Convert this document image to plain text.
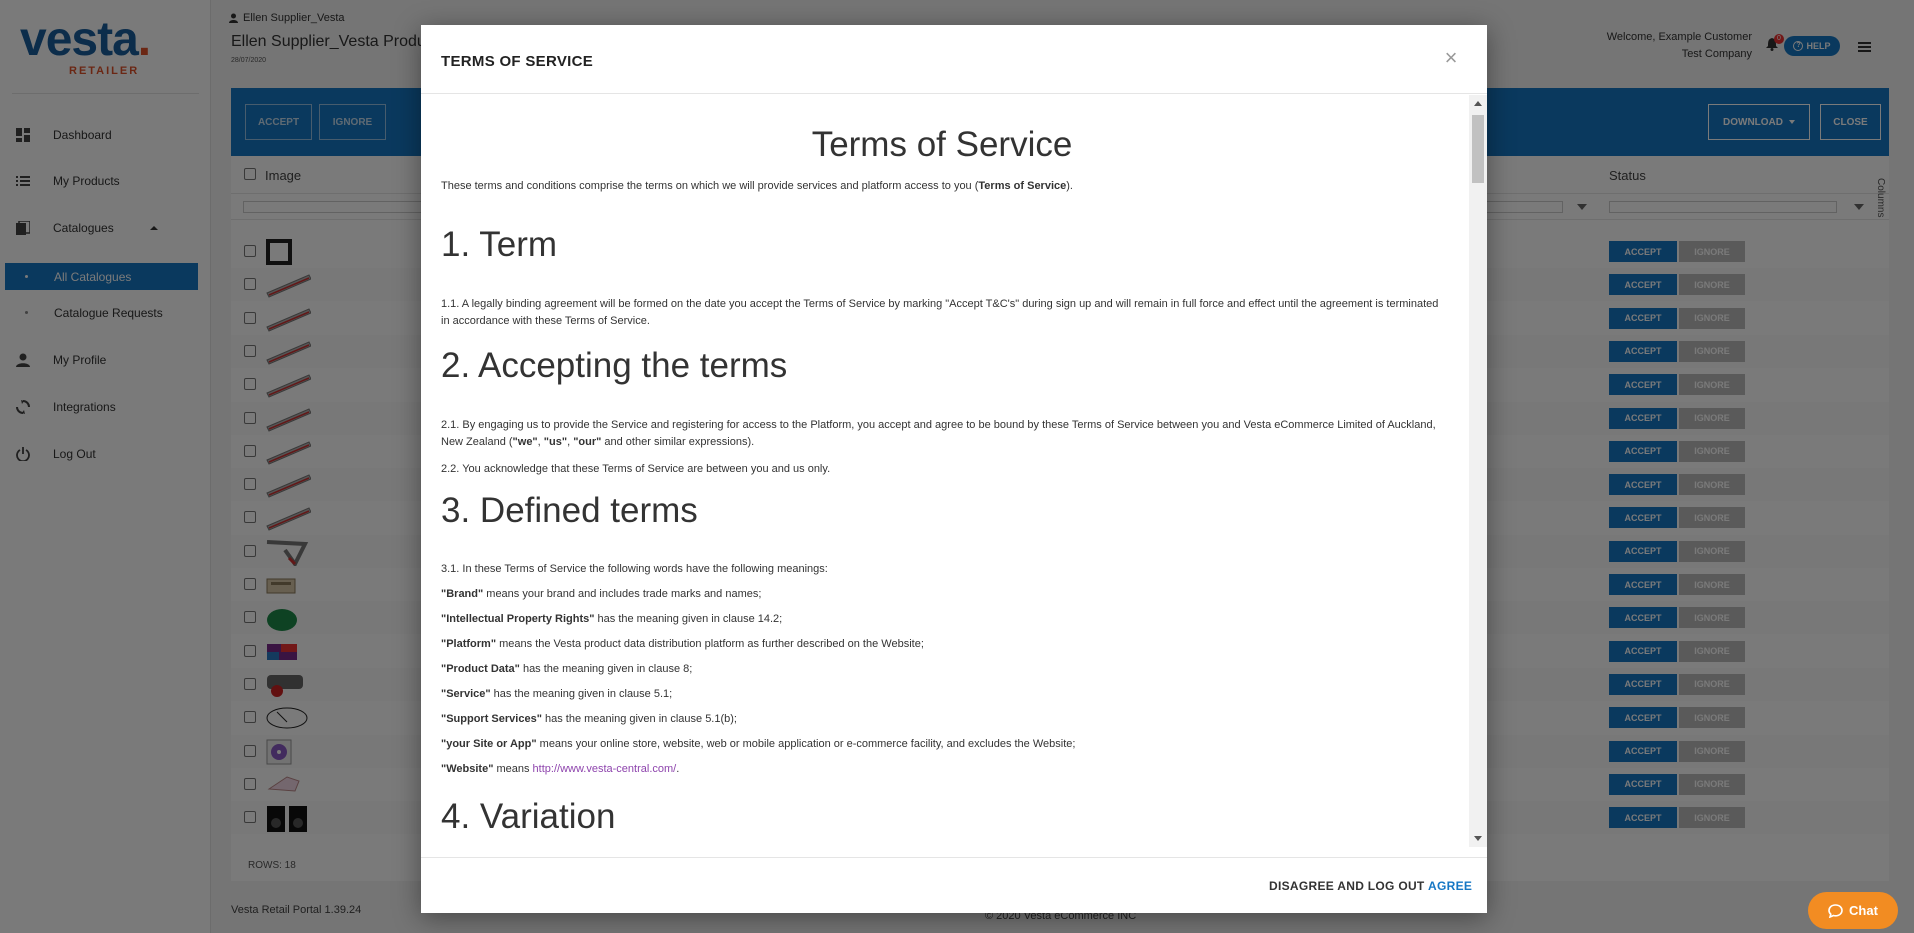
TERMS OF SERVICE	×
Terms of Service
These terms and conditions comprise the terms on which we will provide services and platform access to you (Terms of Service).
1. Term
1.1. A legally binding agreement will be formed on the date you accept the Terms of Service by marking "Accept T&C's" during sign up and will remain in full force and effect until the agreement is terminated in accordance with these Terms of Service.
2. Accepting the terms
2.1. By engaging us to provide the Service and registering for access to the Platform, you accept and agree to be bound by these Terms of Service between you and Vesta eCommerce Limited of Auckland, New Zealand ("we", "us", "our" and other similar expressions).
2.2. You acknowledge that these Terms of Service are between you and us only.
3. Defined terms
3.1. In these Terms of Service the following words have the following meanings:
"Brand" means your brand and includes trade marks and names;
"Intellectual Property Rights" has the meaning given in clause 14.2;
"Platform" means the Vesta product data distribution platform as further described on the Website;
"Product Data" has the meaning given in clause 8;
"Service" has the meaning given in clause 5.1;
"Support Services" has the meaning given in clause 5.1(b);
"your Site or App" means your online store, website, web or mobile application or e-commerce facility, and excludes the Website;
"Website" means http://www.vesta-central.com/.
4. Variation
DISAGREE AND LOG OUT AGREE
Chat
